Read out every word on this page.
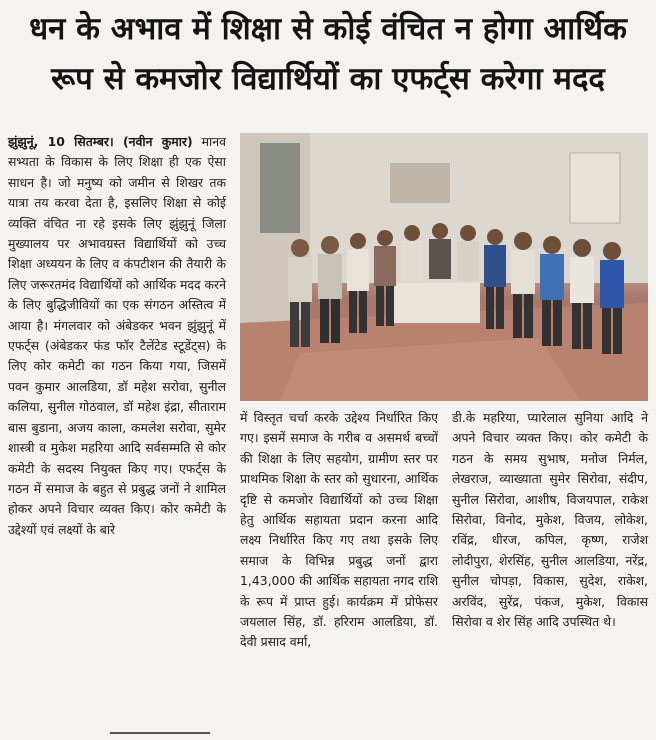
धन के अभाव में शिक्षा से कोई वंचित न होगा आर्थिक
रूप से कमजोर विद्यार्थियों का एफर्ट्स करेगा मदद

झुंझुनूं, 10 सितम्बर। (नवीन कुमार) मानव सभ्यता के विकास के लिए शिक्षा ही एक ऐसा साधन है। जो मनुष्य को जमीन से शिखर तक यात्रा तय करवा देता है, इसलिए शिक्षा से कोई व्यक्ति वंचित ना रहे इसके लिए झुंझुनूं जिला मुख्यालय पर अभावग्रस्त विद्यार्थियों को उच्च शिक्षा अध्ययन के लिए व कंपटीशन की तैयारी के लिए जरूरतमंद विद्यार्थियों को आर्थिक मदद करने के लिए बुद्धिजीवियों का एक संगठन अस्तित्व में आया है। मंगलवार को अंबेडकर भवन झुंझुनूं में एफर्ट्स (अंबेडकर फंड फॉर टैलेंटेड स्टूडेंट्स) के लिए कोर कमेटी का गठन किया गया, जिसमें पवन कुमार आलडिया, डॉ महेश सरोवा, सुनील कलिया, सुनील गोठवाल, डॉ महेश इंद्रा, सीताराम बास बुडाना, अजय काला, कमलेश सरोवा, सुमेर शास्त्री व मुकेश महरिया आदि सर्वसम्मति से कोर कमेटी के सदस्य नियुक्त किए गए। एफर्ट्स के गठन में समाज के बहुत से प्रबुद्ध जनों ने शामिल होकर अपने विचार व्यक्त किए। कोर कमेटी के उद्देश्यों एवं लक्ष्यों के बारे

में विस्तृत चर्चा करके उद्देश्य निर्धारित किए गए। इसमें समाज के गरीब व असमर्थ बच्चों की शिक्षा के लिए सहयोग, ग्रामीण स्तर पर प्राथमिक शिक्षा के स्तर को सुधारना, आर्थिक दृष्टि से कमजोर विद्यार्थियों को उच्च शिक्षा हेतु आर्थिक सहायता प्रदान करना आदि लक्ष्य निर्धारित किए गए तथा इसके लिए समाज के विभिन्न प्रबुद्ध जनों द्वारा 1,43,000 की आर्थिक सहायता नगद राशि के रूप में प्राप्त हुई। कार्यक्रम में प्रोफेसर जयलाल सिंह, डॉ. हरिराम आलडिया, डॉ. देवी प्रसाद वर्मा,

डी.के महरिया, प्यारेलाल सुनिया आदि ने अपने विचार व्यक्त किए। कोर कमेटी के गठन के समय सुभाष, मनोज निर्मल, लेखराज, व्याख्याता सुमेर सिरोवा, संदीप, सुनील सिरोवा, आशीष, विजयपाल, राकेश सिरोवा, विनोद, मुकेश, विजय, लोकेश, रविंद्र, धीरज, कपिल, कृष्ण, राजेश लोदीपुरा, शेरसिंह, सुनील आलडिया, नरेंद्र, सुनील चोपड़ा, विकास, सुदेश, राकेश, अरविंद, सुरेंद्र, पंकज, मुकेश, विकास सिरोवा व शेर सिंह आदि उपस्थित थे।
